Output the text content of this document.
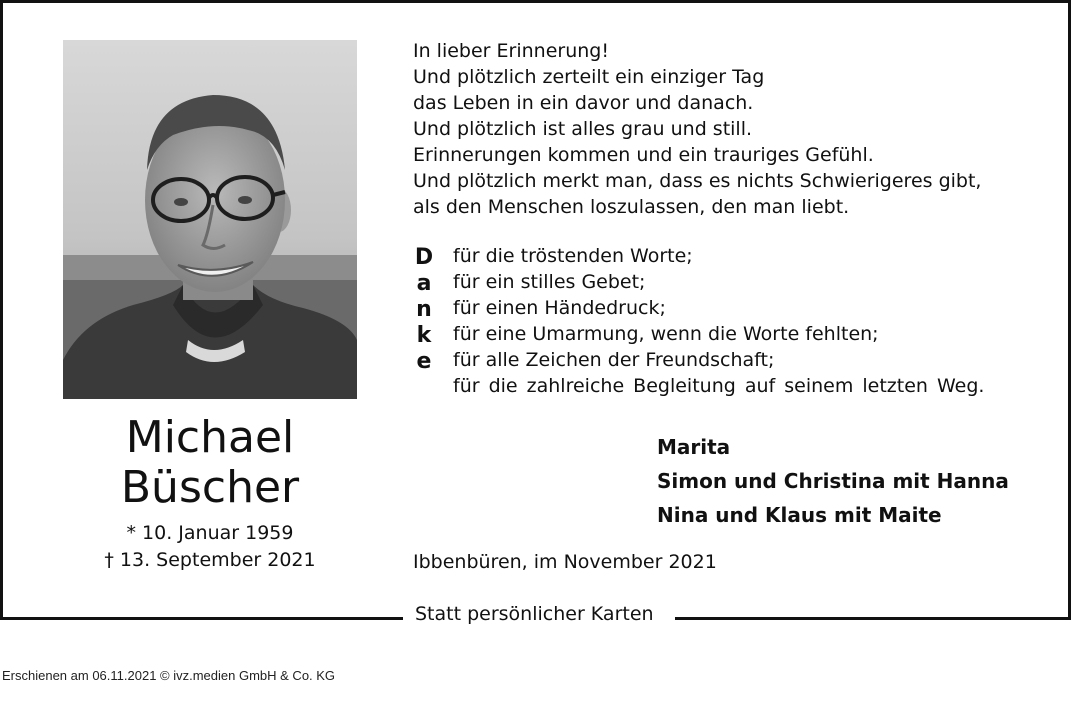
Michael
Büscher
* 10. Januar 1959
† 13. September 2021
In lieber Erinnerung!
Und plötzlich zerteilt ein einziger Tag
das Leben in ein davor und danach.
Und plötzlich ist alles grau und still.
Erinnerungen kommen und ein trauriges Gefühl.
Und plötzlich merkt man, dass es nichts Schwierigeres gibt,
als den Menschen loszulassen, den man liebt.
D
a
n
k
e
für die tröstenden Worte;
für ein stilles Gebet;
für einen Händedruck;
für eine Umarmung, wenn die Worte fehlten;
für alle Zeichen der Freundschaft;
für die zahlreiche Begleitung auf seinem letzten Weg.
Marita
Simon und Christina mit Hanna
Nina und Klaus mit Maite
Ibbenbüren, im November 2021
Statt persönlicher Karten
Erschienen am 06.11.2021 © ivz.medien GmbH & Co. KG
